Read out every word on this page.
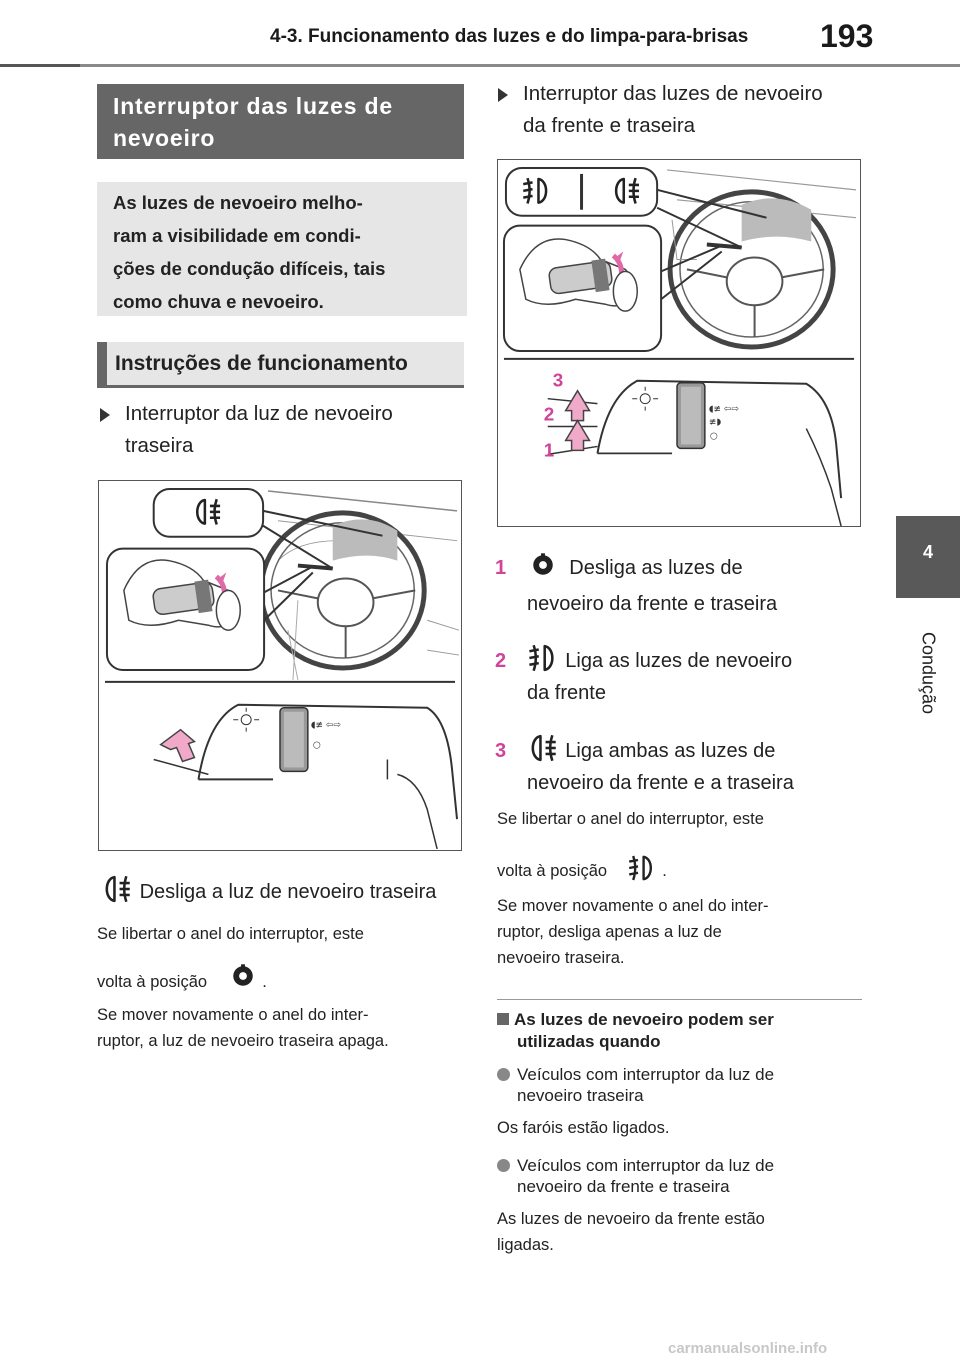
4-3. Funcionamento das luzes e do limpa-para-brisas 193
4
Condução
Interruptor das luzes de
nevoeiro
As luzes de nevoeiro melho-
ram a visibilidade em condi-
ções de condução difíceis, tais
como chuva e nevoeiro.
Instruções de funcionamento
Interruptor da luz de nevoeiro
traseira
◖≢ ⇦⇨
○
Desliga a luz de nevoeiro traseira
Se libertar o anel do interruptor, este
volta à posição	.
Se mover novamente o anel do inter-
ruptor, a luz de nevoeiro traseira apaga.
Interruptor das luzes de nevoeiro
da frente e traseira
◖≢ ⇦⇨
≢◗
○
3
2
1
1	Desliga as luzes de
nevoeiro da frente e traseira
2	Liga as luzes de nevoeiro
da frente
3	Liga ambas as luzes de
nevoeiro da frente e a traseira
Se libertar o anel do interruptor, este
volta à posição	.
Se mover novamente o anel do inter-
ruptor, desliga apenas a luz de
nevoeiro traseira.
As luzes de nevoeiro podem ser
utilizadas quando
Veículos com interruptor da luz de
nevoeiro traseira
Os faróis estão ligados.
Veículos com interruptor da luz de
nevoeiro da frente e traseira
As luzes de nevoeiro da frente estão
ligadas.
carmanualsonline.info
